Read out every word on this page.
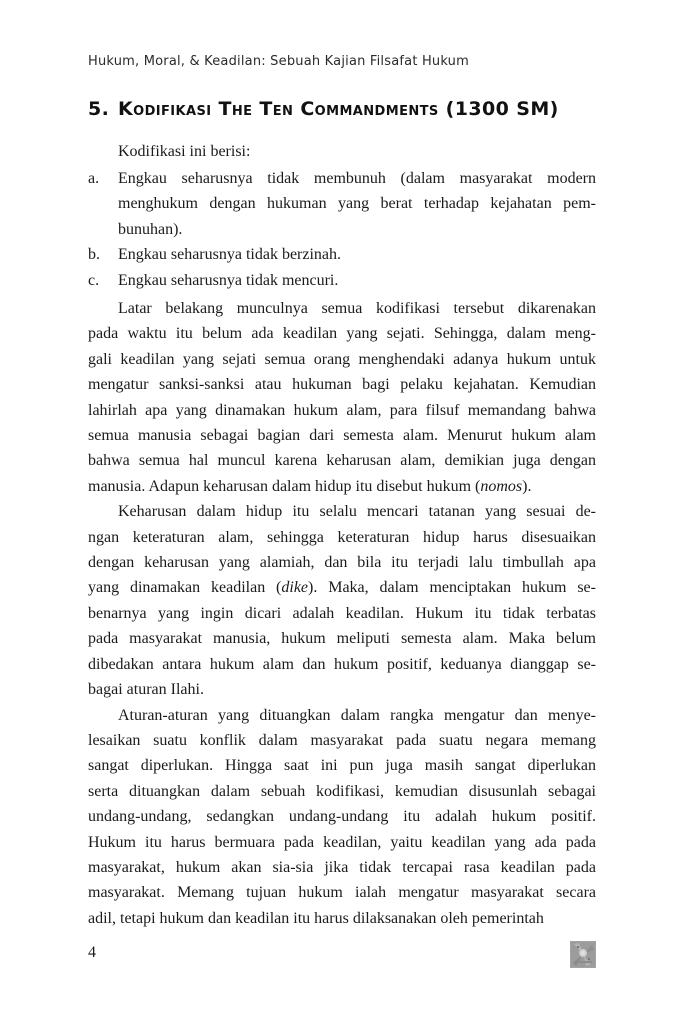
Hukum, Moral, & Keadilan: Sebuah Kajian Filsafat Hukum
5. Kodifikasi The Ten Commandments (1300 SM)
Kodifikasi ini berisi:
a.	Engkau seharusnya tidak membunuh (dalam masyarakat modern
menghukum dengan hukuman yang berat terhadap kejahatan pem-
bunuhan).
b.	Engkau seharusnya tidak berzinah.
c.	Engkau seharusnya tidak mencuri.
Latar belakang munculnya semua kodifikasi tersebut dikarenakan
pada waktu itu belum ada keadilan yang sejati. Sehingga, dalam meng-
gali keadilan yang sejati semua orang menghendaki adanya hukum untuk
mengatur sanksi-sanksi atau hukuman bagi pelaku kejahatan. Kemudian
lahirlah apa yang dinamakan hukum alam, para filsuf memandang bahwa
semua manusia sebagai bagian dari semesta alam. Menurut hukum alam
bahwa semua hal muncul karena keharusan alam, demikian juga dengan
manusia. Adapun keharusan dalam hidup itu disebut hukum (nomos).
Keharusan dalam hidup itu selalu mencari tatanan yang sesuai de-
ngan keteraturan alam, sehingga keteraturan hidup harus disesuaikan
dengan keharusan yang alamiah, dan bila itu terjadi lalu timbullah apa
yang dinamakan keadilan (dike). Maka, dalam menciptakan hukum se-
benarnya yang ingin dicari adalah keadilan. Hukum itu tidak terbatas
pada masyarakat manusia, hukum meliputi semesta alam. Maka belum
dibedakan antara hukum alam dan hukum positif, keduanya dianggap se-
bagai aturan Ilahi.
Aturan-aturan yang dituangkan dalam rangka mengatur dan menye-
lesaikan suatu konflik dalam masyarakat pada suatu negara memang
sangat diperlukan. Hingga saat ini pun juga masih sangat diperlukan
serta dituangkan dalam sebuah kodifikasi, kemudian disusunlah sebagai
undang-undang, sedangkan undang-undang itu adalah hukum positif.
Hukum itu harus bermuara pada keadilan, yaitu keadilan yang ada pada
masyarakat, hukum akan sia-sia jika tidak tercapai rasa keadilan pada
masyarakat. Memang tujuan hukum ialah mengatur masyarakat secara
adil, tetapi hukum dan keadilan itu harus dilaksanakan oleh pemerintah
4
